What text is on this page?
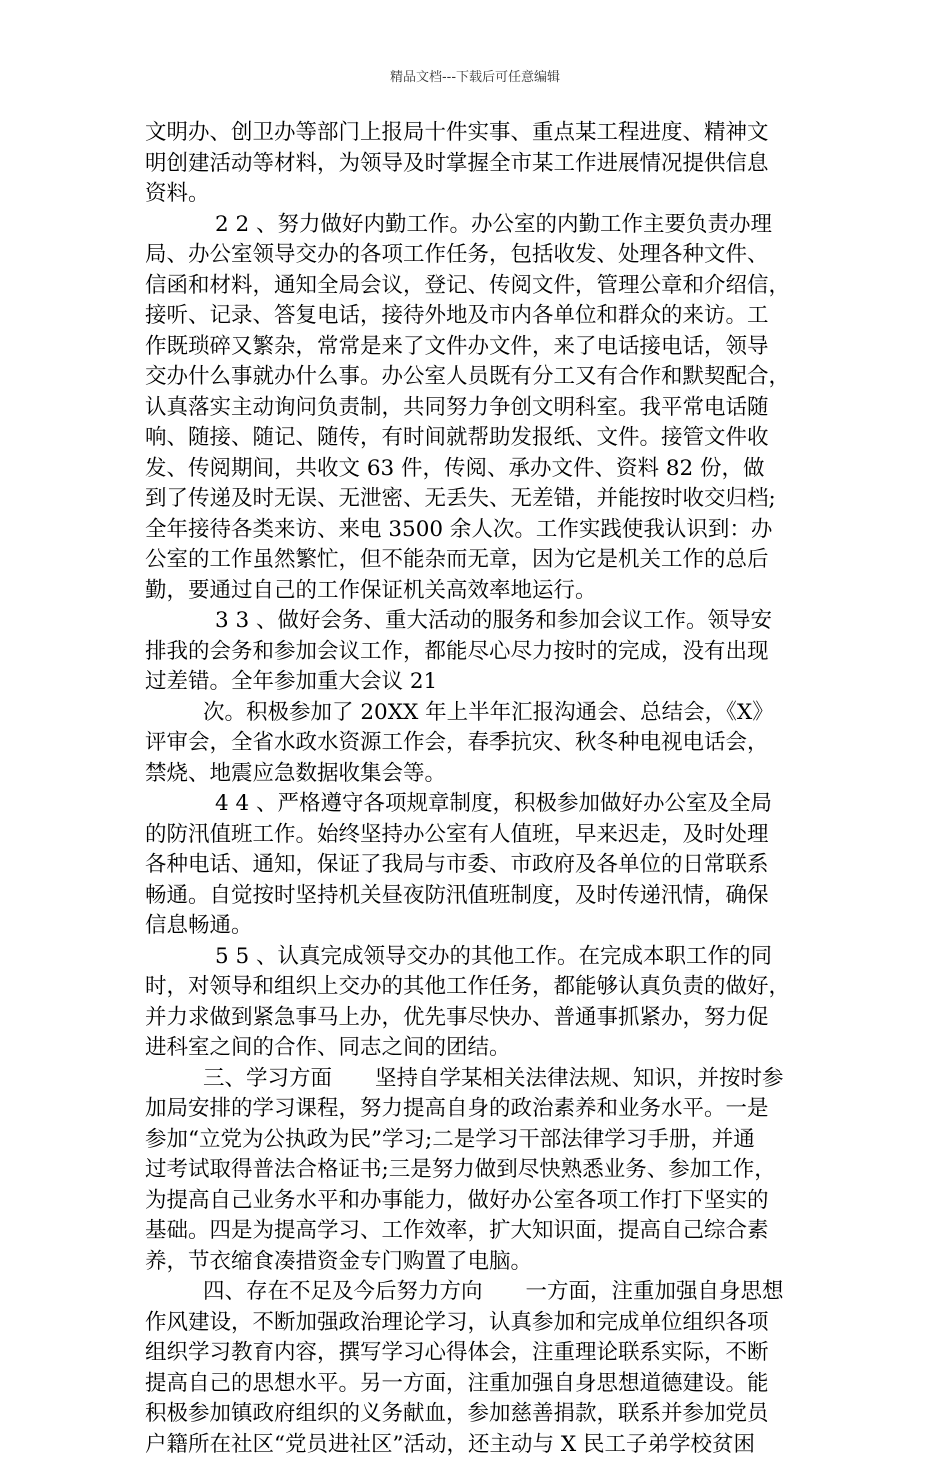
精品文档---下载后可任意编辑
文明办、创卫办等部门上报局十件实事、重点某工程进度、精神文
明创建活动等材料，为领导及时掌握全市某工作进展情况提供信息
资料。
2 2 、努力做好内勤工作。办公室的内勤工作主要负责办理
局、办公室领导交办的各项工作任务，包括收发、处理各种文件、
信函和材料，通知全局会议，登记、传阅文件，管理公章和介绍信，
接听、记录、答复电话，接待外地及市内各单位和群众的来访。工
作既琐碎又繁杂，常常是来了文件办文件，来了电话接电话，领导
交办什么事就办什么事。办公室人员既有分工又有合作和默契配合，
认真落实主动询问负责制，共同努力争创文明科室。我平常电话随
响、随接、随记、随传，有时间就帮助发报纸、文件。接管文件收
发、传阅期间，共收文 63 件，传阅、承办文件、资料 82 份，做
到了传递及时无误、无泄密、无丢失、无差错，并能按时收交归档;
全年接待各类来访、来电 3500 余人次。工作实践使我认识到：办
公室的工作虽然繁忙，但不能杂而无章，因为它是机关工作的总后
勤，要通过自己的工作保证机关高效率地运行。
3 3 、做好会务、重大活动的服务和参加会议工作。领导安
排我的会务和参加会议工作，都能尽心尽力按时的完成，没有出现
过差错。全年参加重大会议 21
次。积极参加了 20XX 年上半年汇报沟通会、总结会，《X》
评审会，全省水政水资源工作会，春季抗灾、秋冬种电视电话会，
禁烧、地震应急数据收集会等。
4 4 、严格遵守各项规章制度，积极参加做好办公室及全局
的防汛值班工作。始终坚持办公室有人值班，早来迟走，及时处理
各种电话、通知，保证了我局与市委、市政府及各单位的日常联系
畅通。自觉按时坚持机关昼夜防汛值班制度，及时传递汛情，确保
信息畅通。
5 5 、认真完成领导交办的其他工作。在完成本职工作的同
时，对领导和组织上交办的其他工作任务，都能够认真负责的做好，
并力求做到紧急事马上办，优先事尽快办、普通事抓紧办，努力促
进科室之间的合作、同志之间的团结。
三、学习方面　　坚持自学某相关法律法规、知识，并按时参
加局安排的学习课程，努力提高自身的政治素养和业务水平。一是
参加“立党为公执政为民”学习;二是学习干部法律学习手册，并通
过考试取得普法合格证书;三是努力做到尽快熟悉业务、参加工作，
为提高自己业务水平和办事能力，做好办公室各项工作打下坚实的
基础。四是为提高学习、工作效率，扩大知识面，提高自己综合素
养，节衣缩食凑措资金专门购置了电脑。
四、存在不足及今后努力方向　　一方面，注重加强自身思想
作风建设，不断加强政治理论学习，认真参加和完成单位组织各项
组织学习教育内容，撰写学习心得体会，注重理论联系实际，不断
提高自己的思想水平。另一方面，注重加强自身思想道德建设。能
积极参加镇政府组织的义务献血，参加慈善捐款，联系并参加党员
户籍所在社区“党员进社区”活动，还主动与 X 民工子弟学校贫困
